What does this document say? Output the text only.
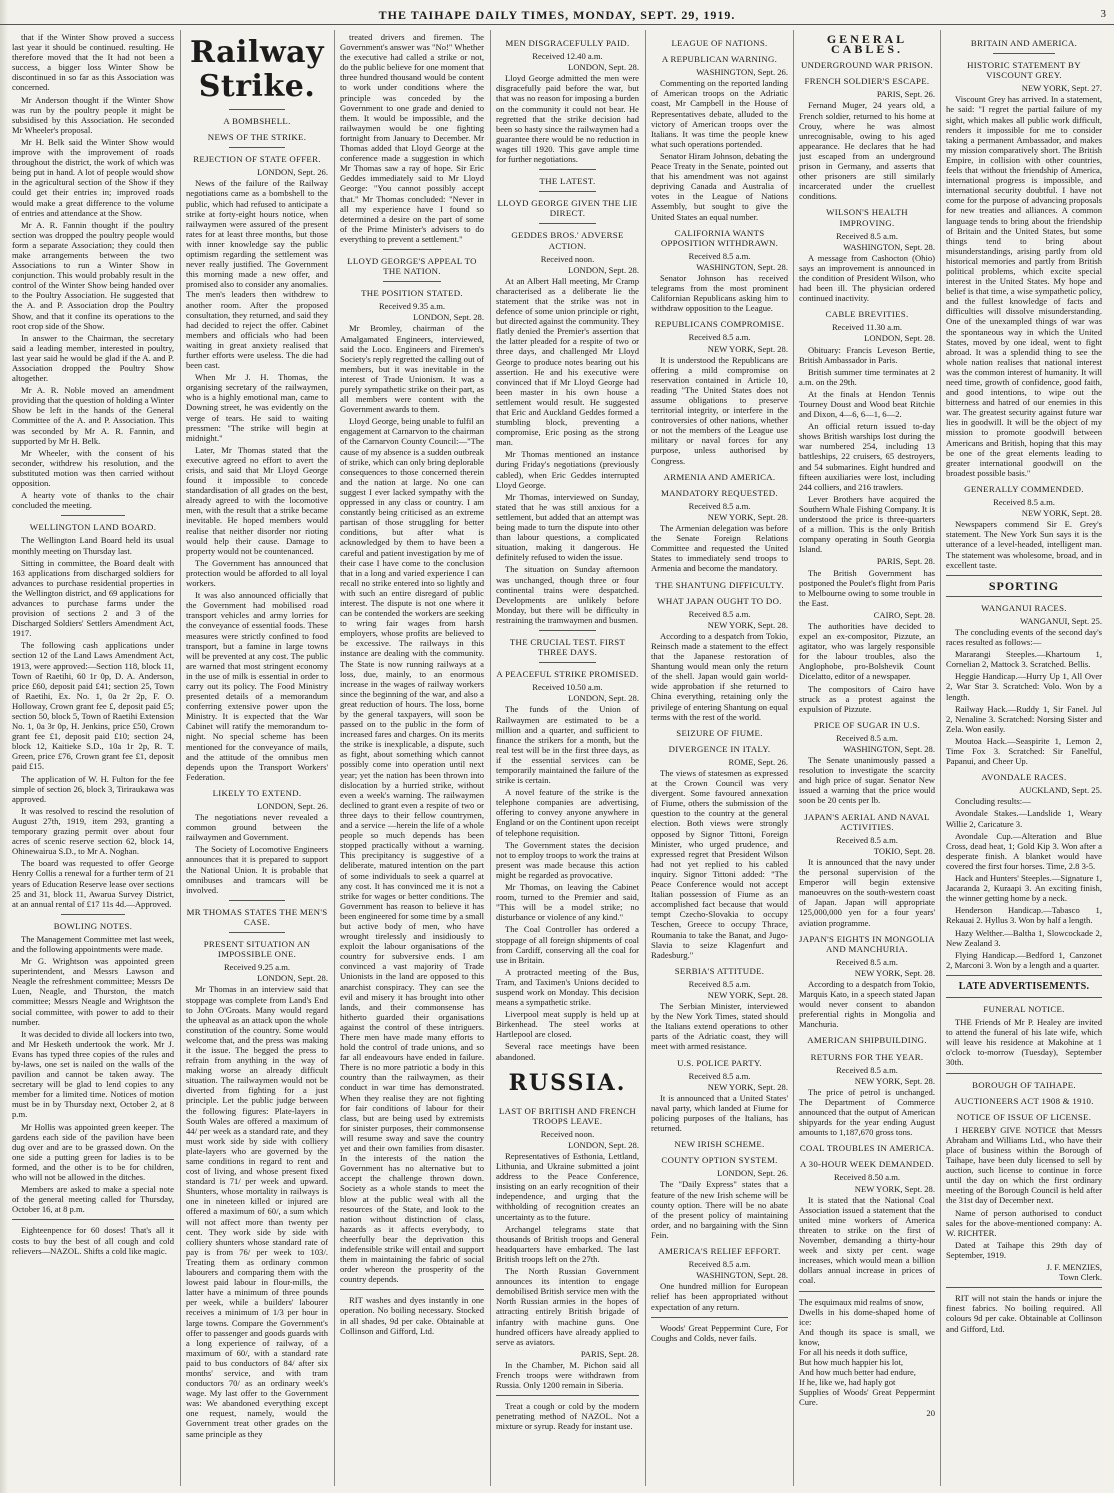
THE TAIHAPE DAILY TIMES, MONDAY, SEPT. 29, 1919.	3

that if the Winter Show proved a success last year it should be continued. resulting. He therefore moved that the It had not been a success, a bigger loss Winter Show be discontinued in so far as this Association was concerned.

Mr Anderson thought if the Winter Show was run by the poultry people it might be subsidised by this Association. He seconded Mr Wheeler's proposal.

Mr H. Belk said the Winter Show would improve with the improvement of roads throughout the district, the work of which was being put in hand. A lot of people would show in the agricultural section of the Show if they could get their entries in; improved roads would make a great difference to the volume of entries and attendance at the Show.

Mr A. R. Fannin thought if the poultry section was dropped the poultry people would form a separate Association; they could then make arrangements between the two Associations to run a Winter Show in conjunction. This would probably result in the control of the Winter Show being handed over to the Poultry Association. He suggested that the A. and P. Association drop the Poultry Show, and that it confine its operations to the root crop side of the Show.

In answer to the Chairman, the secretary said a leading member, interested in poultry, last year said he would be glad if the A. and P. Association dropped the Poultry Show altogether.

Mr A. R. Noble moved an amendment providing that the question of holding a Winter Show be left in the hands of the General Committee of the A. and P. Association. This was seconded by Mr A. R. Fannin, and supported by Mr H. Belk.

Mr Wheeler, with the consent of his seconder, withdrew his resolution, and the substituted motion was then carried without opposition.

A hearty vote of thanks to the chair concluded the meeting.

WELLINGTON LAND BOARD.

The Wellington Land Board held its usual monthly meeting on Thursday last.

Sitting in committee, the Board dealt with 163 applications from discharged soldiers for advances to purchase residential properties in the Wellington district, and 69 applications for advances to purchase farms under the provision of sections 2 and 3 of the Discharged Soldiers' Settlers Amendment Act, 1917.

The following cash applications under section 12 of the Land Laws Amendment Act, 1913, were approved:—Section 118, block 11, Town of Raetihi, 60 1r 0p, D. A. Anderson, price £60, deposit paid £41; section 25, Town of Raetihi, Ex. No. 1, 0a 2r 2p, F. O. Holloway, Crown grant fee £, deposit paid £5; section 50, block 5, Town of Raetihi Extension No. 1, 0a 3r 0p, H. Jenkins, price £50, Crown grant fee £1, deposit paid £10; section 24, block 12, Kaitieke S.D., 10a 1r 2p, R. T. Green, price £76, Crown grant fee £1, deposit paid £15.

The application of W. H. Fulton for the fee simple of section 26, block 3, Tiriraukawa was approved.

It was resolved to rescind the resolution of August 27th, 1919, item 293, granting a temporary grazing permit over about four acres of scenic reserve section 62, block 14, Ohinewairua S.D., to Mr A. Noghan.

The board was requested to offer George Henry Collis a renewal for a further term of 21 years of Education Reserve lease over sections 25 and 31, block 11, Awarua Survey District, at an annual rental of £17 11s 4d.—Approved.

BOWLING NOTES.

The Management Committee met last week, and the following appointments were made.

Mr G. Wrightson was appointed green superintendent, and Messrs Lawson and Neagle the refreshment committee; Messrs De Luen, Neagle, and Thurston, the match committee; Messrs Neagle and Wrightson the social committee, with power to add to their number.

It was decided to divide all lockers into two, and Mr Hesketh undertook the work. Mr J. Evans has typed three copies of the rules and by-laws, one set is nailed on the walls of the pavilion and cannot be taken away. The secretary will be glad to lend copies to any member for a limited time. Notices of motion must be in by Thursday next, October 2, at 8 p.m.

Mr Hollis was appointed green keeper. The gardens each side of the pavilion have been dug over and are to be grassed down. On the one side a putting green for ladies is to be formed, and the other is to be for children, who will not be allowed in the ditches.

Members are asked to make a special note of the general meeting called for Thursday, October 16, at 8 p.m.

Eighteenpence for 60 doses! That's all it costs to buy the best of all cough and cold relievers—NAZOL. Shifts a cold like magic.

Railway Strike.
A BOMBSHELL.
NEWS OF THE STRIKE.
REJECTION OF STATE OFFER.
LONDON, Sept. 26.

News of the failure of the Railway negotiations came as a bombshell to the public, which had refused to anticipate a strike at forty-eight hours notice, when railwaymen were assured of the present rates for at least three months, but those with inner knowledge say the public optimism regarding the settlement was never really justified. The Government this morning made a new offer, and promised also to consider any anomalies. The men's leaders then withdrew to another room. After the proposed consultation, they returned, and said they had decided to reject the offer. Cabinet members and officials who had been waiting in great anxiety realised that further efforts were useless. The die had been cast.

When Mr J. H. Thomas, the organising secretary of the railwaymen, who is a highly emotional man, came to Downing street, he was evidently on the verge of tears. He said to waiting pressmen: "The strike will begin at midnight."

Later, Mr Thomas stated that the executive agreed no effort to avert the crisis, and said that Mr Lloyd George found it impossible to concede standardisation of all grades on the best, already agreed to with the locomotive men, with the result that a strike became inevitable. He hoped members would realise that neither disorder nor rioting would help their cause. Damage to property would not be countenanced.

The Government has announced that protection would be afforded to all loyal workers.

It was also announced officially that the Government had mobilised road transport vehicles and army lorries for the conveyance of essential foods. These measures were strictly confined to food transport, but a famine in large towns will be prevented at any cost. The public are warned that most stringent economy in the use of milk is essential in order to carry out its policy. The Food Ministry presented details of a memorandum conferring extensive power upon the Ministry. It is expected that the War Cabinet will ratify the memorandum to-night. No special scheme has been mentioned for the conveyance of mails, and the attitude of the omnibus men depends upon the Transport Workers' Federation.

LIKELY TO EXTEND.
LONDON, Sept. 26.

The negotiations never revealed a common ground between the railwaymen and Government.

The Society of Locomotive Engineers announces that it is prepared to support the National Union. It is probable that omnibuses and tramcars will be involved.

MR THOMAS STATES THE MEN'S CASE.
PRESENT SITUATION AN IMPOSSIBLE ONE.
Received 9.25 a.m.
LONDON, Sept. 28.

Mr Thomas in an interview said that stoppage was complete from Land's End to John O'Groats. Many would regard the upheaval as an attack upon the whole constitution of the country. Some would welcome that, and the press was making it the issue. The begged the press to refrain from anything in the way of making worse an already difficult situation. The railwaymen would not be diverted from fighting for a just principle. Let the public judge between the following figures: Plate-layers in South Wales are offered a maximum of 44/ per week as a standard rate, and they must work side by side with colliery plate-layers who are governed by the same conditions in regard to rent and cost of living, and whose present fixed standard is 71/ per week and upward. Shunters, whose mortality in railways is one in nineteen killed or injured are offered a maximum of 60/, a sum which will not affect more than twenty per cent. They work side by side with colliery shunters whose standard rate of pay is from 76/ per week to 103/. Treating them as ordinary common labourers and comparing them with the lowest paid labour in flour-mills, the latter have a minimum of three pounds per week, while a builders' labourer receives a minimum of 1/3 per hour in large towns. Compare the Government's offer to passenger and goods guards with a long experience of railway, of a maximum of 60/, with a standard rate paid to bus conductors of 84/ after six months' service, and with tram conductors 70/ as an ordinary week's wage. My last offer to the Government was: We abandoned everything except one request, namely, would the Government treat other grades on the same principle as they

treated drivers and firemen. The Government's answer was "No!" Whether the executive had called a strike or not, do the public believe for one moment that three hundred thousand would be content to work under conditions where the principle was conceded by the Government to one grade and denied to them. It would be impossible, and the railwaymen would be one fighting fortnight from January to December. Mr Thomas added that Lloyd George at the conference made a suggestion in which Mr Thomas saw a ray of hope. Sir Eric Geddes immediately said to Mr Lloyd George: "You cannot possibly accept that." Mr Thomas concluded: "Never in all my experience have I found so determined a desire on the part of some of the Prime Minister's advisers to do everything to prevent a settlement."

LLOYD GEORGE'S APPEAL TO THE NATION.
THE POSITION STATED.
Received 9.35 a.m.
LONDON, Sept. 28.

Mr Bromley, chairman of the Amalgamated Engineers, interviewed, said the Loco. Engineers and Firemen's Society's reply regretted the calling out of members, but it was inevitable in the interest of Trade Unionism. It was a purely sympathetic strike on their part, as all members were content with the Government awards to them.

Lloyd George, being unable to fulfil an engagement at Carnarvon to the chairman of the Carnarvon County Council:—"The cause of my absence is a sudden outbreak of strike, which can only bring deplorable consequences to those concerned therein and the nation at large. No one can suggest I ever lacked sympathy with the oppressed in any class or country. I am constantly being criticised as an extreme partisan of those struggling for better conditions, but after what is acknowledged by them to have been a careful and patient investigation by me of their case I have come to the conclusion that in a long and varied experience I can recall no strike entered into so lightly and with such an entire disregard of public interest. The dispute is not one where it can be contended the workers are seeking to wring fair wages from harsh employers, whose profits are believed to be excessive. The railways in this instance are dealing with the community. The State is now running railways at a loss, due, mainly, to an enormous increase in the wages of railway workers since the beginning of the war, and also a great reduction of hours. The loss, borne by the general taxpayers, will soon be passed on to the public in the form of increased fares and charges. On its merits the strike is inexplicable, a dispute, such as fight, about something which cannot possibly come into operation until next year; yet the nation has been thrown into dislocation by a hurried strike, without even a week's warning. The railwaymen declined to grant even a respite of two or three days to their fellow countrymen, and a service —herein the life of a whole people so much depends has been stopped practically without a warning. This precipitancy is suggestive of a deliberate, matured intention on the part of some individuals to seek a quarrel at any cost. It has convinced me it is not a strike for wages or better conditions. The Government has reason to believe it has been engineered for some time by a small but active body of men, who have wrought tirelessly and insidiously to exploit the labour organisations of the country for subversive ends. I am convinced a vast majority of Trade Unionists in the land are opposed to this anarchist conspiracy. They can see the evil and misery it has brought into other lands, and their commonsense has hitherto guarded their organisations against the control of these intriguers. There men have made many efforts to hold the control of trade unions, and so far all endeavours have ended in failure. There is no more patriotic a body in this country than the railwaymen, as their conduct in war time has demonstrated. When they realise they are not fighting for fair conditions of labour for their class, but are being used by extremists for sinister purposes, their commonsense will resume sway and save the country yet and their own families from disaster. In the interests of the nation the Government has no alternative but to accept the challenge thrown down. Society as a whole stands to meet the blow at the public weal with all the resources of the State, and look to the nation without distinction of class, hazards as it affects everybody, to cheerfully bear the deprivation this indefensible strike will entail and support them in maintaining the fabric of social order whereon the prosperity of the country depends.

RIT washes and dyes instantly in one operation. No boiling necessary. Stocked in all shades, 9d per cake. Obtainable at Collinson and Gifford, Ltd.

MEN DISGRACEFULLY PAID.
Received 12.40 a.m.
LONDON, Sept. 28.

Lloyd George admitted the men were disgracefully paid before the war, but that was no reason for imposing a burden on the community it could not bear. He regretted that the strike decision had been so hasty since the railwaymen had a guarantee there would be no reduction in wages till 1920. This gave ample time for further negotiations.

THE LATEST.
LLOYD GEORGE GIVEN THE LIE DIRECT.
GEDDES BROS.' ADVERSE ACTION.
Received noon.
LONDON, Sept. 28.

At an Albert Hall meeting, Mr Cramp characterised as a deliberate lie the statement that the strike was not in defence of some union principle or right, but directed against the community. They flatly denied the Premier's assertion that the latter pleaded for a respite of two or three days, and challenged Mr Lloyd George to produce notes bearing out his assertion. He and his executive were convinced that if Mr Lloyd George had been master in his own house a settlement would result. He suggested that Eric and Auckland Geddes formed a stumbling block, preventing a compromise, Eric posing as the strong man.

Mr Thomas mentioned an instance during Friday's negotiations (previously cabled), when Eric Geddes interrupted Lloyd George.

Mr Thomas, interviewed on Sunday, stated that he was still anxious for a settlement, but added that an attempt was being made to turn the dispute into other than labour questions, a complicated situation, making it dangerous. He definitely refused to widen the issue.

The situation on Sunday afternoon was unchanged, though three or four continental trains were despatched. Developments are unlikely before Monday, but there will be difficulty in restraining the tramwaymen and busmen.

THE CRUCIAL TEST. FIRST THREE DAYS.
A PEACEFUL STRIKE PROMISED.
Received 10.50 a.m.
LONDON, Sept. 28.

The funds of the Union of Railwaymen are estimated to be a million and a quarter, and sufficient to finance the strikers for a month, but the real test will be in the first three days, as if the essential services can be temporarily maintained the failure of the strike is certain.

A novel feature of the strike is the telephone companies are advertising, offering to convey anyone anywhere in England or on the Continent upon receipt of telephone requisition.

The Government states the decision not to employ troops to work the trains at present was made because this action might be regarded as provocative.

Mr Thomas, on leaving the Cabinet room, turned to the Premier and said, "This will be a model strike; no disturbance or violence of any kind."

The Coal Controller has ordered a stoppage of all foreign shipments of coal from Cardiff, conserving all the coal for use in Britain.

A protracted meeting of the Bus, Tram, and Taximen's Unions decided to suspend work on Monday. This decision means a sympathetic strike.

Liverpool meat supply is held up at Birkenhead. The steel works at Hartlepool are closed.

Several race meetings have been abandoned.

RUSSIA.
LAST OF BRITISH AND FRENCH TROOPS LEAVE.
Received noon.
LONDON, Sept. 28.

Representatives of Esthonia, Lettland, Lithunia, and Ukraine submitted a joint address to the Peace Conference, insisting on an early recognition of their independence, and urging that the withholding of recognition creates an uncertainty as to the future.

Archangel telegrams state that thousands of British troops and General headquarters have embarked. The last British troops left on the 27th.

The North Russian Government announces its intention to engage demobilised British service men with the North Russian armies in the hopes of attracting entirely British brigade of infantry with machine guns. One hundred officers have already applied to serve as aviators.

PARIS, Sept. 28.

In the Chamber, M. Pichon said all French troops were withdrawn from Russia. Only 1200 remain in Siberia.

Treat a cough or cold by the modern penetrating method of NAZOL. Not a mixture or syrup. Ready for instant use.

LEAGUE OF NATIONS.
A REPUBLICAN WARNING.
WASHINGTON, Sept. 26.

Commenting on the reported landing of American troops on the Adriatic coast, Mr Campbell in the House of Representatives debate, alluded to the victory of American troops over the Italians. It was time the people knew what such operations portended.

Senator Hiram Johnson, debating the Peace Treaty in the Senate, pointed out that his amendment was not against depriving Canada and Australia of votes in the League of Nations Assembly, but sought to give the United States an equal number.

CALIFORNIA WANTS OPPOSITION WITHDRAWN.
Received 8.5 a.m.
WASHINGTON, Sept. 28.

Senator Johnson has received telegrams from the most prominent Californian Republicans asking him to withdraw opposition to the League.

REPUBLICANS COMPROMISE.
Received 8.5 a.m.
NEW YORK, Sept. 28.

It is understood the Republicans are offering a mild compromise on reservation contained in Article 10, reading "The United States does not assume obligations to preserve territorial integrity, or interfere in the controversies of other nations, whether or not the members of the League use military or naval forces for any purpose, unless authorised by Congress.

ARMENIA AND AMERICA.
MANDATORY REQUESTED.
Received 8.5 a.m.
NEW YORK, Sept. 28.

The Armenian delegation was before the Senate Foreign Relations Committee and requested the United States to immediately send troops to Armenia and become the mandatory.

THE SHANTUNG DIFFICULTY.
WHAT JAPAN OUGHT TO DO.
Received 8.5 a.m.
NEW YORK, Sept. 28.

According to a despatch from Tokio, Reinsch made a statement to the effect that the Japanese restoration of Shantung would mean only the return of the shell. Japan would gain world-wide approbation if she returned to China everything, retaining only the privilege of entering Shantung on equal terms with the rest of the world.

SEIZURE OF FIUME.
DIVERGENCE IN ITALY.
ROME, Sept. 26.

The views of statesmen as expressed at the Crown Council was very divergent. Some favoured annexation of Fiume, others the submission of the question to the country at the general election. Both views were strongly opposed by Signor Tittoni, Foreign Minister, who urged prudence, and expressed regret that President Wilson had not yet replied to his cabled inquiry. Signor Tittoni added: "The Peace Conference would not accept Italian possession of Fiume as an accomplished fact because that would tempt Czecho-Slovakia to occupy Teschen, Greece to occupy Thrace, Roumania to take the Banat, and Jugo-Slavia to seize Klagenfurt and Radesburg."

SERBIA'S ATTITUDE.
Received 8.5 a.m.
NEW YORK, Sept. 28.

The Serbian Minister, interviewed by the New York Times, stated should the Italians extend operations to other parts of the Adriatic coast, they will meet with armed resistance.

U.S. POLICE PARTY.
Received 8.5 a.m.
NEW YORK, Sept. 28.

It is announced that a United States' naval party, which landed at Fiume for policing purposes of the Italians, has returned.

NEW IRISH SCHEME.
COUNTY OPTION SYSTEM.
LONDON, Sept. 26.

The "Daily Express" states that a feature of the new Irish scheme will be county option. There will be no abate of the present policy of maintaining order, and no bargaining with the Sinn Fein.

AMERICA'S RELIEF EFFORT.
Received 8.5 a.m.
WASHINGTON, Sept. 28.

One hundred million for European relief has been appropriated without expectation of any return.

Woods' Great Peppermint Cure, For Coughs and Colds, never fails.

GENERAL CABLES.
UNDERGROUND WAR PRISON.
FRENCH SOLDIER'S ESCAPE.
PARIS, Sept. 26.

Fernand Muger, 24 years old, a French soldier, returned to his home at Crouy, where he was almost unrecognisable, owing to his aged appearance. He declares that he had just escaped from an underground prison in Germany, and asserts that other prisoners are still similarly incarcerated under the cruellest conditions.

WILSON'S HEALTH IMPROVING.
Received 8.5 a.m.
WASHINGTON, Sept. 28.

A message from Cashocton (Ohio) says an improvement is announced in the condition of President Wilson, who had been ill. The physician ordered continued inactivity.

CABLE BREVITIES.
Received 11.30 a.m.
LONDON, Sept. 28.

Obituary: Francis Leveson Bertie, British Ambassador in Paris.

British summer time terminates at 2 a.m. on the 29th.

At the finals at Hendon Tennis Tourney Doust and Wood beat Ritchie and Dixon, 4—6, 6—1, 6—2.

An official return issued to-day shows British warships lost during the war numbered 254, including 13 battleships, 22 cruisers, 65 destroyers, and 54 submarines. Eight hundred and fifteen auxiliaries were lost, including 244 colliers, and 216 trawlers.

Lever Brothers have acquired the Southern Whale Fishing Company. It is understood the price is three-quarters of a million. This is the only British company operating in South Georgia Island.

PARIS, Sept. 28.

The British Government has postponed the Poulet's flight from Paris to Melbourne owing to some trouble in the East.

CAIRO, Sept. 28.

The authorities have decided to expel an ex-compositor, Pizzute, an agitator, who was largely responsible for the labour troubles, also the Anglophobe, pro-Bolshevik Count Dicelatto, editor of a newspaper.

The compositors of Cairo have struck as a protest against the expulsion of Pizzute.

PRICE OF SUGAR IN U.S.
Received 8.5 a.m.
WASHINGTON, Sept. 28.

The Senate unanimously passed a resolution to investigate the scarcity and high price of sugar. Senator New issued a warning that the price would soon be 20 cents per lb.

JAPAN'S AERIAL AND NAVAL ACTIVITIES.
Received 8.5 a.m.
TOKIO, Sept. 28.

It is announced that the navy under the personal supervision of the Emperor will begin extensive manoeuvres on the south-western coast of Japan. Japan will appropriate 125,000,000 yen for a four years' aviation programme.

JAPAN'S EIGHTS IN MONGOLIA AND MANCHURIA.
Received 8.5 a.m.
NEW YORK, Sept. 28.

According to a despatch from Tokio, Marquis Kato, in a speech stated Japan would never consent to abandon preferential rights in Mongolia and Manchuria.

AMERICAN SHIPBUILDING.
RETURNS FOR THE YEAR.
Received 8.5 a.m.
NEW YORK, Sept. 28.

The price of petrol is unchanged. The Department of Commerce announced that the output of American shipyards for the year ending August amounts to 1,187,670 gross tons.

COAL TROUBLES IN AMERICA.
A 30-HOUR WEEK DEMANDED.
Received 8.50 a.m.
NEW YORK, Sept. 28.

It is stated that the National Coal Association issued a statement that the united mine workers of America threaten to strike on the first of November, demanding a thirty-hour week and sixty per cent. wage increases, which would mean a billion dollars annual increase in prices of coal.

The esquimaux mid realms of snow,
Dwells in his dome-shaped home of ice:
And though its space is small, we know,
For all his needs it doth suffice,
But how much happier his lot,
And how much better had endure,
If he, like we, had haply got
Supplies of Woods' Great Peppermint Cure.
20
BRITAIN AND AMERICA.
HISTORIC STATEMENT BY VISCOUNT GREY.
NEW YORK, Sept. 27.

Viscount Grey has arrived. In a statement, he said: "I regret the partial failure of my sight, which makes all public work difficult, renders it impossible for me to consider taking a permanent Ambassador, and makes my mission comparatively short. The British Empire, in collision with other countries, feels that without the friendship of America, international progress is impossible, and international security doubtful. I have not come for the purpose of advancing proposals for new treaties and alliances. A common language tends to bring about the friendship of Britain and the United States, but some things tend to bring about misunderstandings, arising partly from old historical memories and partly from British political problems, which excite special interest in the United States. My hope and belief is that time, a wise sympathetic policy, and the fullest knowledge of facts and difficulties will dissolve misunderstanding. One of the unexampled things of war was the spontaneous way in which the United States, moved by one ideal, went to fight abroad. It was a splendid thing to see the whole nation realises that national interest was the common interest of humanity. It will need time, growth of confidence, good faith, and good intentions, to wipe out the bitterness and hatred of our enemies in this war. The greatest security against future war lies in goodwill. It will be the object of my mission to promote goodwill between Americans and British, hoping that this may be one of the great elements leading to greater international goodwill on the broadest possible basis."

GENERALLY COMMENDED.
Received 8.5 a.m.
NEW YORK, Sept. 28.

Newspapers commend Sir E. Grey's statement. The New York Sun says it is the utterance of a level-headed, intelligent man. The statement was wholesome, broad, and in excellent taste.

SPORTING
WANGANUI RACES.
WANGANUI, Sept. 25.

The concluding events of the second day's races resulted as follows:—

Mararangi Steeples.—Khartoum 1, Cornelian 2, Mattock 3. Scratched. Bellis.

Heggie Handicap.—Hurry Up 1, All Over 2, War Star 3. Scratched: Volo. Won by a length.

Railway Hack.—Ruddy 1, Sir Fanel. Jul 2, Nenaline 3. Scratched: Norsing Sister and Zela. Won easily.

Moutoa Hack.—Seaspirite 1, Lemon 2, Time Fox 3. Scratched: Sir Fanelful, Papanui, and Cheer Up.

AVONDALE RACES.
AUCKLAND, Sept. 25.

Concluding results:—

Avondale Stakes.—Landslide 1, Weary Willie 2, Caricature 3.

Avondale Cup.—Alteration and Blue Cross, dead heat, 1; Gold Kip 3. Won after a desperate finish. A blanket would have covered the first four horses. Time, 2.8 3-5.

Hack and Hunters' Steeples.—Signature 1, Jacaranda 2, Kuraapi 3. An exciting finish, the winner getting home by a neck.

Henderson Handicap.—Tabasco 1, Rekauai 2. Hyllus 3. Won by half a length.

Hazy Welther.—Baltha 1, Slowcockade 2, New Zealand 3.

Flying Handicap.—Bedford 1, Canzonet 2, Marconi 3. Won by a length and a quarter.

LATE ADVERTISEMENTS.
FUNERAL NOTICE.

THE Friends of Mr P. Healey are invited to attend the funeral of his late wife, which will leave his residence at Makohine at 1 o'clock to-morrow (Tuesday), September 30th.

BOROUGH OF TAIHAPE.
AUCTIONEERS ACT 1908 & 1910.
NOTICE OF ISSUE OF LICENSE.

I HEREBY GIVE NOTICE that Messrs Abraham and Williams Ltd., who have their place of business within the Borough of Taihape, have been duly licensed to sell by auction, such license to continue in force until the day on which the first ordinary meeting of the Borough Council is held after the 31st day of December next.

Name of person authorised to conduct sales for the above-mentioned company: A. W. RICHTER.

Dated at Taihape this 29th day of September, 1919.

J. F. MENZIES,
Town Clerk.

RIT will not stain the hands or injure the finest fabrics. No boiling required. All colours 9d per cake. Obtainable at Collinson and Gifford, Ltd.
